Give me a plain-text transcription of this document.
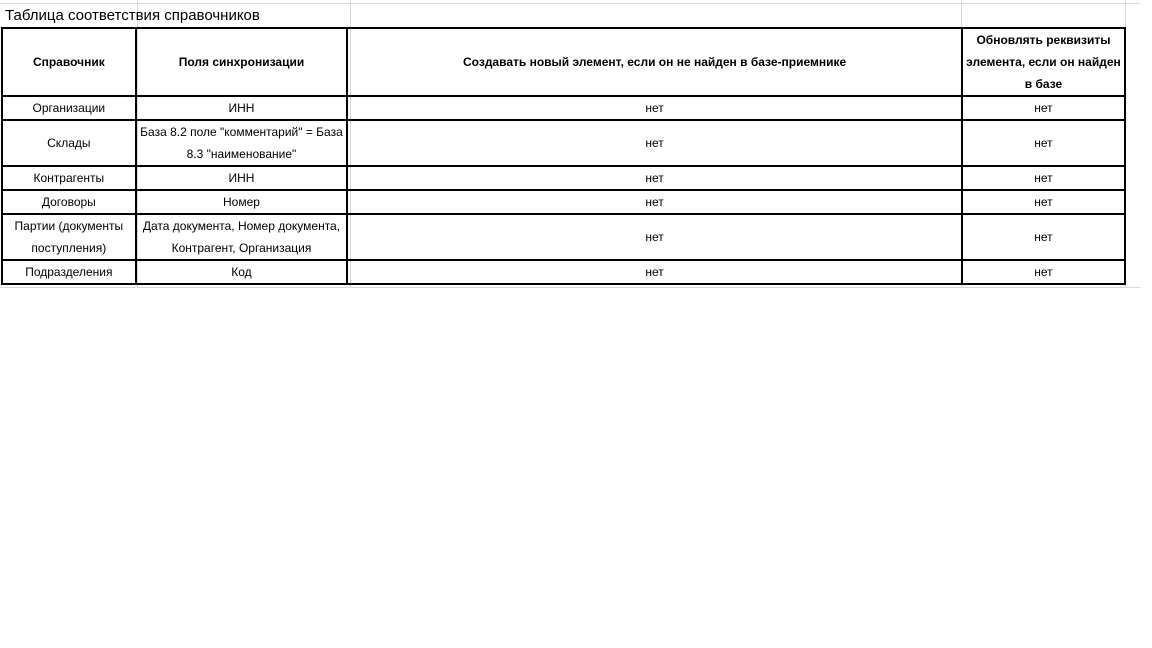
Таблица соответствия справочников
Справочник	Поля синхронизации	Создавать новый элемент, если он не найден в базе-приемнике	Обновлять реквизиты элемента, если он найден в базе
Организации	ИНН	нет	нет
Склады	База 8.2 поле "комментарий" = База 8.3 "наименование"	нет	нет
Контрагенты	ИНН	нет	нет
Договоры	Номер	нет	нет
Партии (документы поступления)	Дата документа, Номер документа, Контрагент, Организация	нет	нет
Подразделения	Код	нет	нет
